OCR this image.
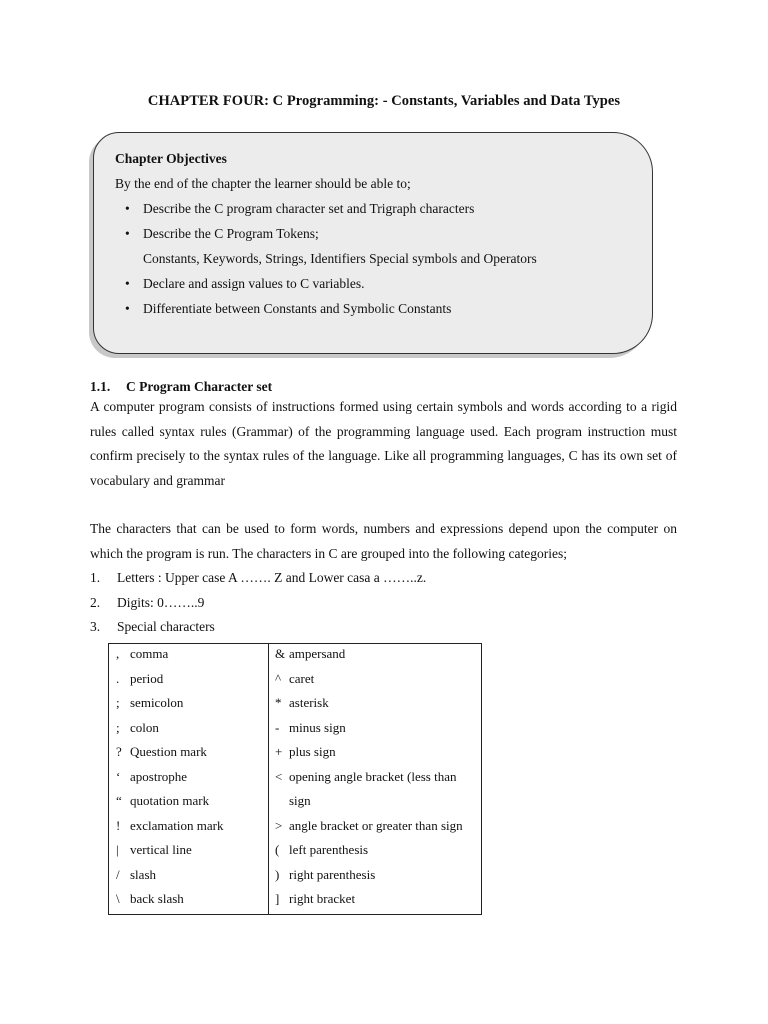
CHAPTER FOUR: C Programming: - Constants, Variables and Data Types
Chapter Objectives
By the end of the chapter the learner should be able to;
• Describe the C program character set and Trigraph characters
• Describe the C Program Tokens;
Constants, Keywords, Strings, Identifiers Special symbols and Operators
• Declare and assign values to C variables.
• Differentiate between Constants and Symbolic Constants
1.1. C Program Character set
A computer program consists of instructions formed using certain symbols and words according to a rigid rules called syntax rules (Grammar) of the programming language used. Each program instruction must confirm precisely to the syntax rules of the language. Like all programming languages, C has its own set of vocabulary and grammar
The characters that can be used to form words, numbers and expressions depend upon the computer on which the program is run. The characters in C are grouped into the following categories;
1. Letters : Upper case A ……. Z and Lower casa a ……..z.
2. Digits: 0……..9
3. Special characters
, comma
. period
; semicolon
; colon
? Question mark
‘ apostrophe
“ quotation mark
! exclamation mark
| vertical line
/ slash
\ back slash
& ampersand
^ caret
* asterisk
- minus sign
+ plus sign
< opening angle bracket (less than
sign
> angle bracket or greater than sign
( left parenthesis
) right parenthesis
] right bracket
